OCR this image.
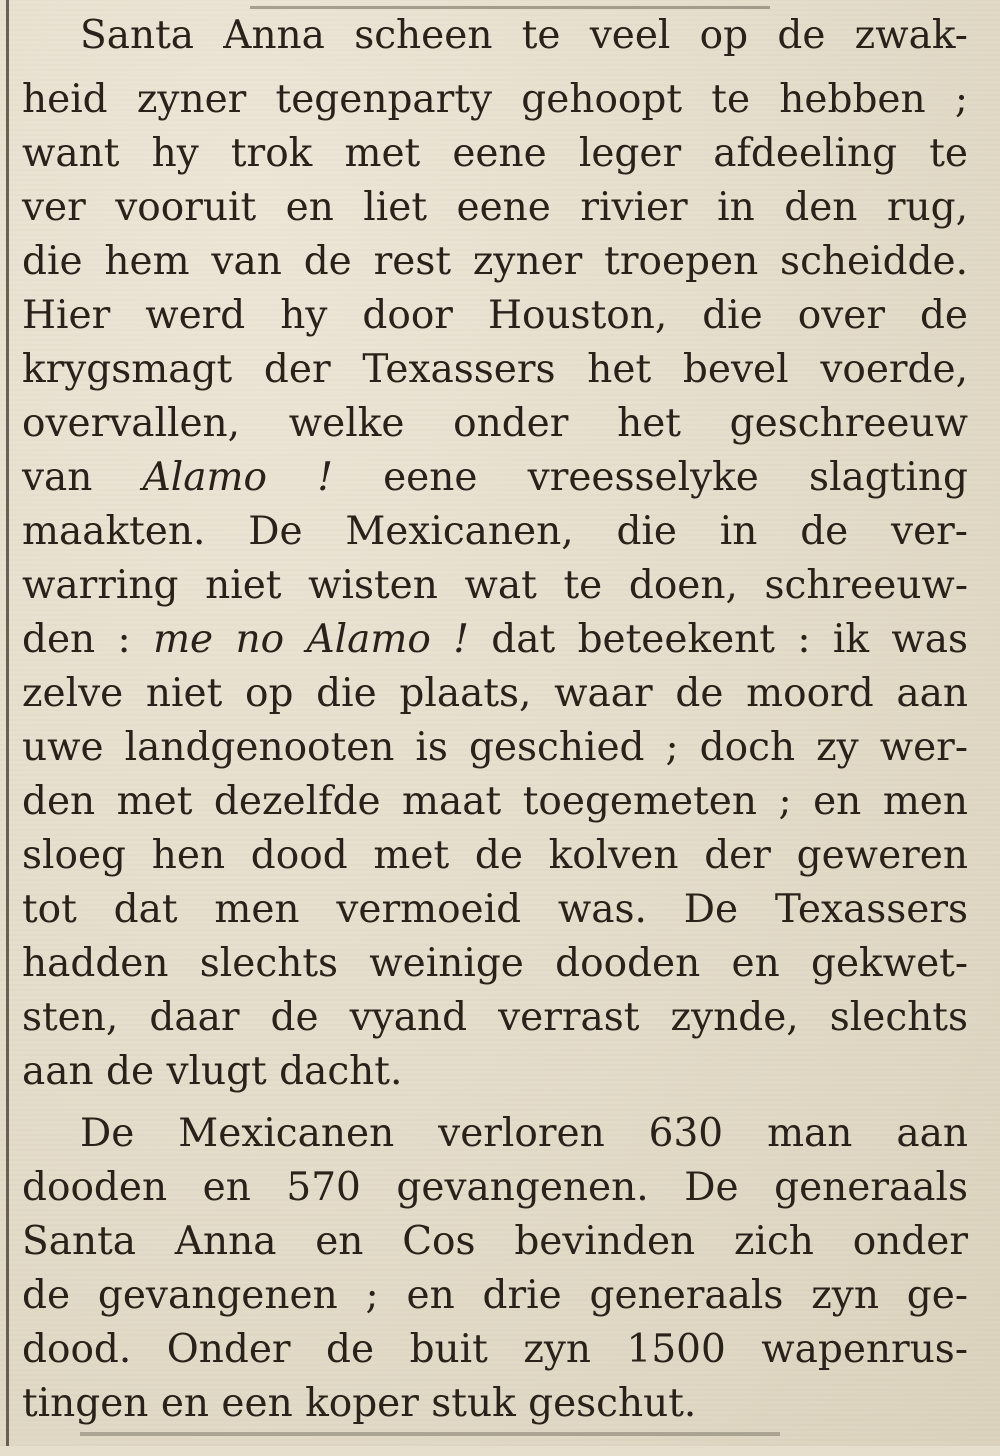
Santa Anna scheen te veel op de zwak-
heid zyner tegenparty gehoopt te hebben ;
want hy trok met eene leger afdeeling te
ver vooruit en liet eene rivier in den rug,
die hem van de rest zyner troepen scheidde.
Hier werd hy door Houston, die over de
krygsmagt der Texassers het bevel voerde,
overvallen, welke onder het geschreeuw
van Alamo ! eene vreesselyke slagting
maakten. De Mexicanen, die in de ver-
warring niet wisten wat te doen, schreeuw-
den : me no Alamo ! dat beteekent : ik was
zelve niet op die plaats, waar de moord aan
uwe landgenooten is geschied ; doch zy wer-
den met dezelfde maat toegemeten ; en men
sloeg hen dood met de kolven der geweren
tot dat men vermoeid was. De Texassers
hadden slechts weinige dooden en gekwet-
sten, daar de vyand verrast zynde, slechts
aan de vlugt dacht.
De Mexicanen verloren 630 man aan
dooden en 570 gevangenen. De generaals
Santa Anna en Cos bevinden zich onder
de gevangenen ; en drie generaals zyn ge-
dood. Onder de buit zyn 1500 wapenrus-
tingen en een koper stuk geschut.
